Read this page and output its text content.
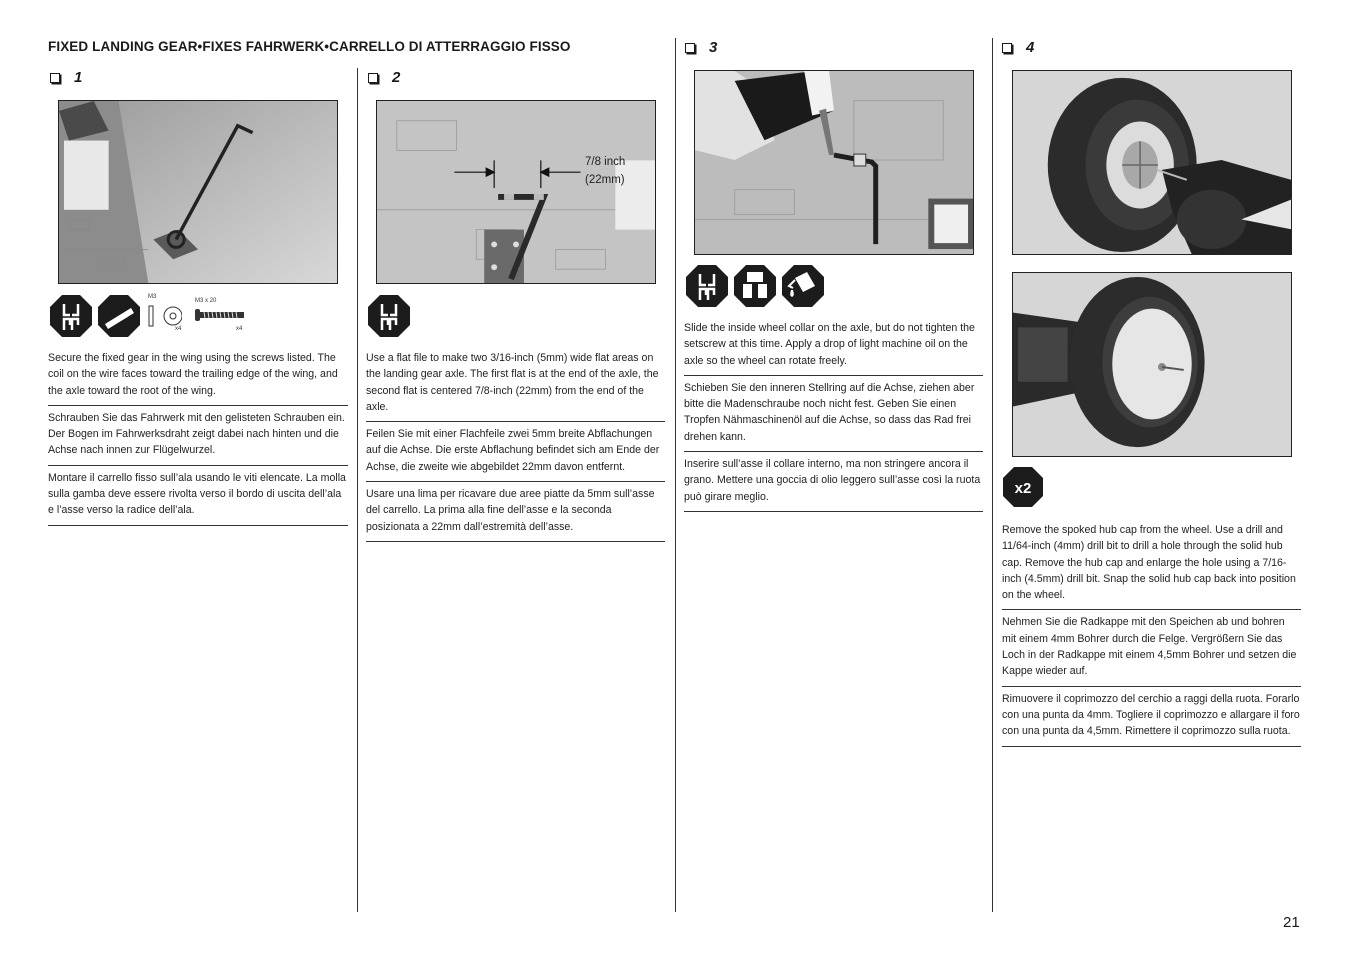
FIXED LANDING GEAR•FIXES FAHRWERK•CARRELLO DI ATTERRAGGIO FISSO
1	2
3	4
7/8 inch
(22mm)
M3
x4
M3 x 20
x4
x2

Secure the fixed gear in the wing using the screws listed. The coil on the wire faces toward the trailing edge of the wing, and the axle toward the root of the wing.

Schrauben Sie das Fahrwerk mit den gelisteten Schrauben ein. Der Bogen im Fahrwerksdraht zeigt dabei nach hinten und die Achse nach innen zur Flügelwurzel.

Montare il carrello fisso sull’ala usando le viti elencate. La molla sulla gamba deve essere rivolta verso il bordo di uscita dell’ala e l’asse verso la radice dell’ala.

Use a flat file to make two 3/16-inch (5mm) wide flat areas on the landing gear axle. The first flat is at the end of the axle, the second flat is centered 7/8-inch (22mm) from the end of the axle.

Feilen Sie mit einer Flachfeile zwei 5mm breite Abflachungen auf die Achse. Die erste Abflachung befindet sich am Ende der Achse, die zweite wie abgebildet 22mm davon entfernt.

Usare una lima per ricavare due aree piatte da 5mm sull’asse del carrello. La prima alla fine dell’asse e la seconda posizionata a 22mm dall’estremità dell’asse.

Slide the inside wheel collar on the axle, but do not tighten the setscrew at this time. Apply a drop of light machine oil on the axle so the wheel can rotate freely.

Schieben Sie den inneren Stellring auf die Achse, ziehen aber bitte die Madenschraube noch nicht fest. Geben Sie einen Tropfen Nähmaschinenöl auf die Achse, so dass das Rad frei drehen kann.

Inserire sull’asse il collare interno, ma non stringere ancora il grano. Mettere una goccia di olio leggero sull’asse così la ruota può girare meglio.

Remove the spoked hub cap from the wheel. Use a drill and 11/64-inch (4mm) drill bit to drill a hole through the solid hub cap. Remove the hub cap and enlarge the hole using a 7/16-inch (4.5mm) drill bit. Snap the solid hub cap back into position on the wheel.

Nehmen Sie die Radkappe mit den Speichen ab und bohren mit einem 4mm Bohrer durch die Felge. Vergrößern Sie das Loch in der Radkappe mit einem 4,5mm Bohrer und setzen die Kappe wieder auf.

Rimuovere il coprimozzo del cerchio a raggi della ruota. Forarlo con una punta da 4mm. Togliere il coprimozzo e allargare il foro con una punta da 4,5mm. Rimettere il coprimozzo sulla ruota.

21
